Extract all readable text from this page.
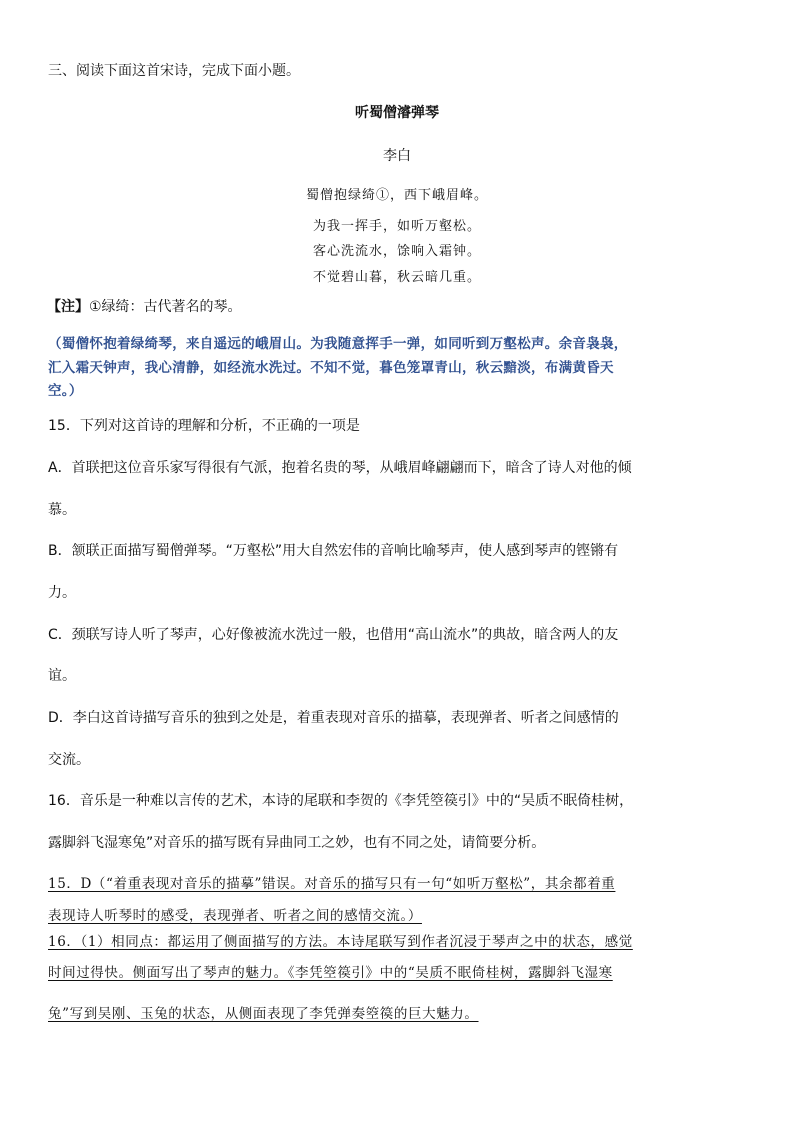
三、阅读下面这首宋诗，完成下面小题。
听蜀僧濬弹琴
李白
蜀僧抱绿绮①，西下峨眉峰。
为我一挥手，如听万壑松。
客心洗流水，馀响入霜钟。
不觉碧山暮，秋云暗几重。
【注】①绿绮：古代著名的琴。
（蜀僧怀抱着绿绮琴，来自遥远的峨眉山。为我随意挥手一弹，如同听到万壑松声。余音袅袅，
汇入霜天钟声，我心清静，如经流水洗过。不知不觉，暮色笼罩青山，秋云黯淡，布满黄昏天
空。）
15．下列对这首诗的理解和分析，不正确的一项是
A．首联把这位音乐家写得很有气派，抱着名贵的琴，从峨眉峰翩翩而下，暗含了诗人对他的倾
慕。
B．颔联正面描写蜀僧弹琴。“万壑松”用大自然宏伟的音响比喻琴声，使人感到琴声的铿锵有
力。
C．颈联写诗人听了琴声，心好像被流水洗过一般，也借用“高山流水”的典故，暗含两人的友
谊。
D．李白这首诗描写音乐的独到之处是，着重表现对音乐的描摹，表现弹者、听者之间感情的
交流。
16．音乐是一种难以言传的艺术，本诗的尾联和李贺的《李凭箜篌引》中的“吴质不眠倚桂树，
露脚斜飞湿寒兔”对音乐的描写既有异曲同工之妙，也有不同之处，请简要分析。
15．D（“着重表现对音乐的描摹”错误。对音乐的描写只有一句“如听万壑松”，其余都着重
表现诗人听琴时的感受，表现弹者、听者之间的感情交流。）
16．（1）相同点：都运用了侧面描写的方法。本诗尾联写到作者沉浸于琴声之中的状态，感觉
时间过得快。侧面写出了琴声的魅力。《李凭箜篌引》中的“吴质不眠倚桂树，露脚斜飞湿寒
兔”写到吴刚、玉兔的状态，从侧面表现了李凭弹奏箜篌的巨大魅力。
